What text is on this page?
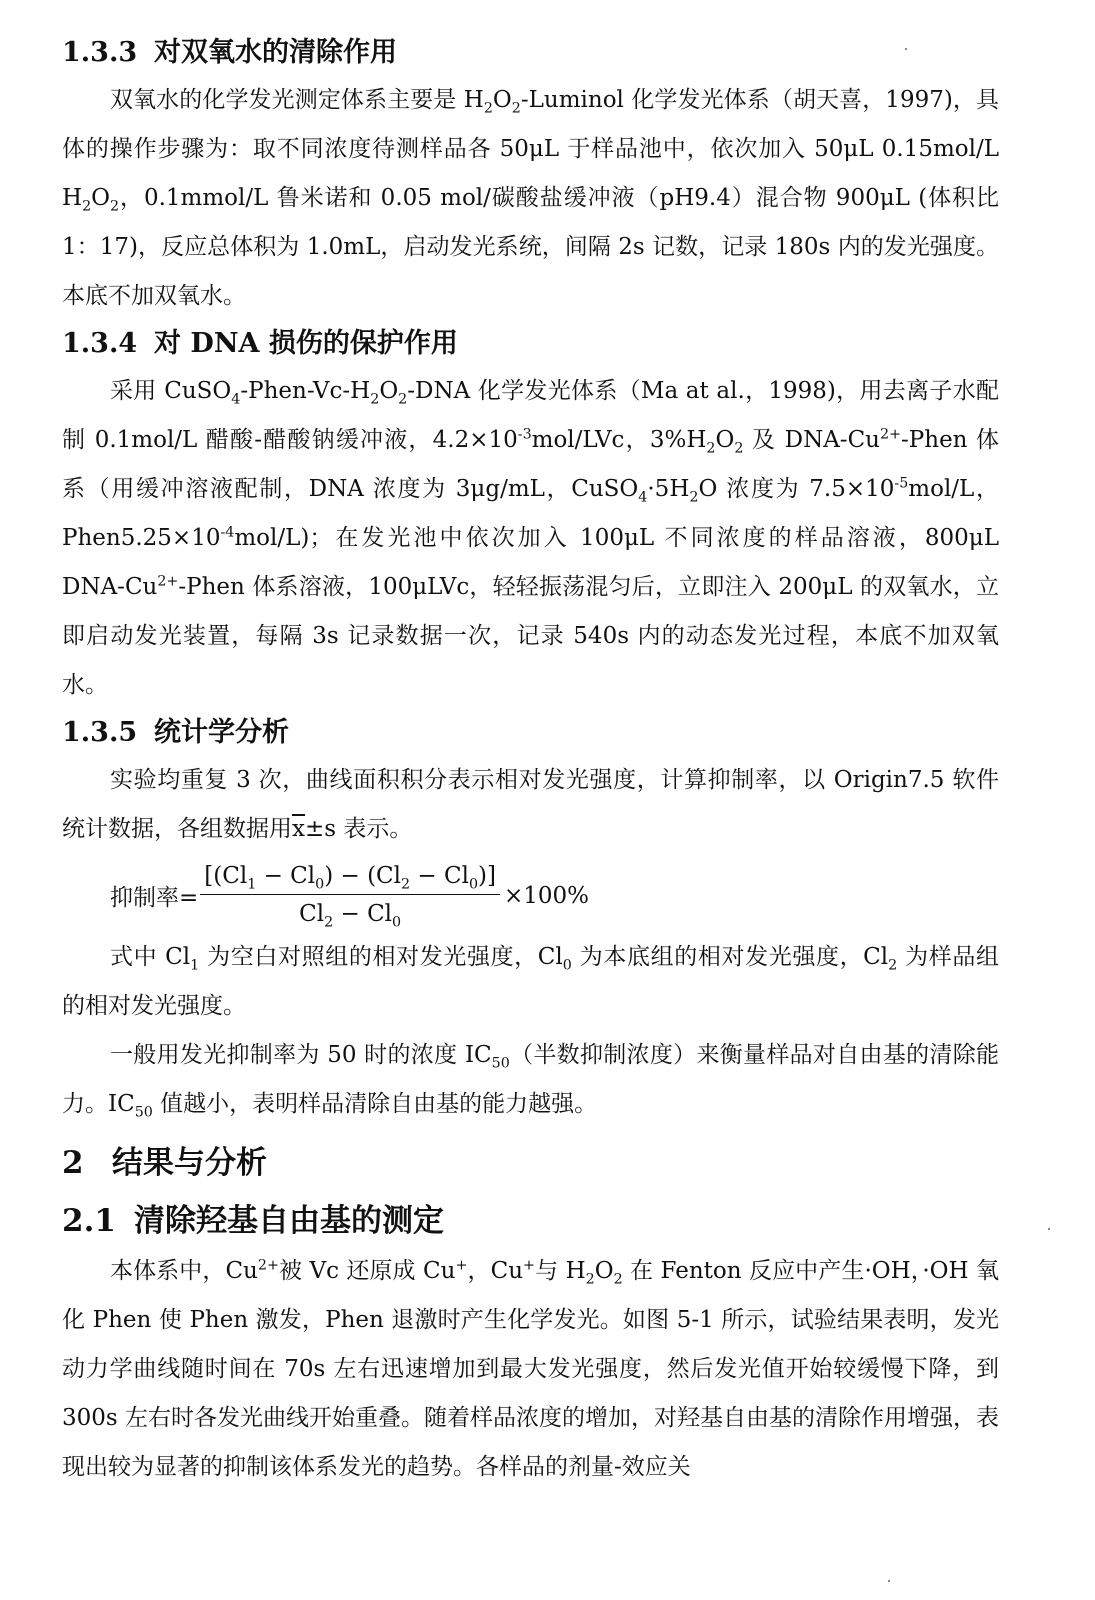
1.3.3 对双氧水的清除作用

双氧水的化学发光测定体系主要是 $H_2O_2$-Luminol 化学发光体系（胡天喜，1997)，具体的操作步骤为：取不同浓度待测样品各 50μL 于样品池中，依次加入 50μL 0.15mol/L $H_2O_2$，0.1mmol/L 鲁米诺和 0.05 mol/碳酸盐缓冲液（pH9.4）混合物 900μL (体积比 1：17)，反应总体积为 1.0mL，启动发光系统，间隔 2s 记数，记录 180s 内的发光强度。本底不加双氧水。

1.3.4 对 DNA 损伤的保护作用

采用 $CuSO_4-Phen-Vc-H_2O_2$-DNA 化学发光体系（Ma at al.，1998)，用去离子水配制 0.1mol/L 醋酸-醋酸钠缓冲液，$4.2\times 10^{-3}mol$/LVc，$3\%H_2O_2$ 及 DNA-$Cu^{2+}$-Phen 体系（用缓冲溶液配制，DNA 浓度为 3μg/mL，$CuSO_4\cdot 5H_2O$ 浓度为 $7.5\times 10^{-5}mol/L$，$Phen5.25\times 10^{-4}mol/L$)；在发光池中依次加入 100μL 不同浓度的样品溶液，800μL DNA-$Cu^{2+}$-Phen 体系溶液，100μLVc，轻轻振荡混匀后，立即注入 200μL 的双氧水，立即启动发光装置，每隔 3s 记录数据一次，记录 540s 内的动态发光过程，本底不加双氧水。

1.3.5 统计学分析

实验均重复 3 次，曲线面积积分表示相对发光强度，计算抑制率，以 Origin7.5 软件统计数据，各组数据用$\overline{x}\pm s$ 表示。

抑制率= $\frac{[(Cl_1 - Cl_0) - (Cl_2 - Cl_0)]}{Cl_2 - Cl_0} \times 100\%$

式中 $Cl_1$ 为空白对照组的相对发光强度，$Cl_0$ 为本底组的相对发光强度，$Cl_2$ 为样品组的相对发光强度。

一般用发光抑制率为 50 时的浓度 $IC_{50}$（半数抑制浓度）来衡量样品对自由基的清除能力。$IC_{50}$ 值越小，表明样品清除自由基的能力越强。

2 结果与分析
2.1 清除羟基自由基的测定

本体系中，$Cu^{2+}$被 Vc 还原成 Cu+，Cu+与 $H_2O_2$ 在 Fenton 反应中产生·OH，·OH 氧化 Phen 使 Phen 激发，Phen 退激时产生化学发光。如图 5-1 所示，试验结果表明，发光动力学曲线随时间在 70s 左右迅速增加到最大发光强度，然后发光值开始较缓慢下降，到 300s 左右时各发光曲线开始重叠。随着样品浓度的增加，对羟基自由基的清除作用增强，表现出较为显著的抑制该体系发光的趋势。各样品的剂量-效应关
